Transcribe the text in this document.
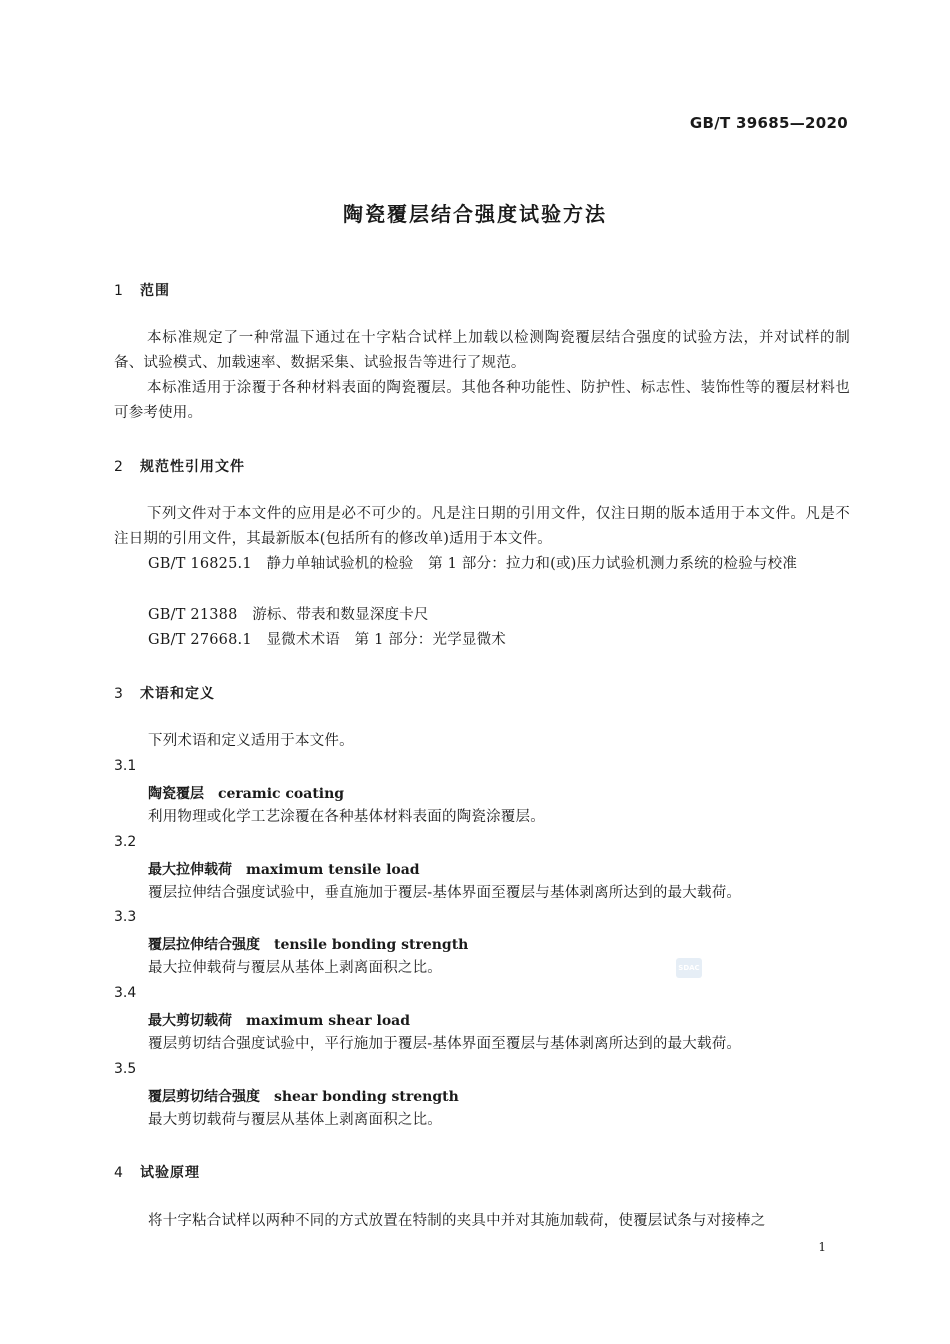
GB/T 39685—2020
陶瓷覆层结合强度试验方法
1 范围
本标准规定了一种常温下通过在十字粘合试样上加载以检测陶瓷覆层结合强度的试验方法，并对试样的制备、试验模式、加载速率、数据采集、试验报告等进行了规范。
本标准适用于涂覆于各种材料表面的陶瓷覆层。其他各种功能性、防护性、标志性、装饰性等的覆层材料也可参考使用。
2 规范性引用文件
下列文件对于本文件的应用是必不可少的。凡是注日期的引用文件，仅注日期的版本适用于本文件。凡是不注日期的引用文件，其最新版本(包括所有的修改单)适用于本文件。
GB/T 16825.1　静力单轴试验机的检验　第 1 部分：拉力和(或)压力试验机测力系统的检验与校准
GB/T 21388　游标、带表和数显深度卡尺
GB/T 27668.1　显微术术语　第 1 部分：光学显微术
3 术语和定义
下列术语和定义适用于本文件。
3.1
陶瓷覆层 ceramic coating
利用物理或化学工艺涂覆在各种基体材料表面的陶瓷涂覆层。
3.2
最大拉伸载荷 maximum tensile load
覆层拉伸结合强度试验中，垂直施加于覆层-基体界面至覆层与基体剥离所达到的最大载荷。
3.3
覆层拉伸结合强度 tensile bonding strength
最大拉伸载荷与覆层从基体上剥离面积之比。
3.4
最大剪切载荷 maximum shear load
覆层剪切结合强度试验中，平行施加于覆层-基体界面至覆层与基体剥离所达到的最大载荷。
3.5
覆层剪切结合强度 shear bonding strength
最大剪切载荷与覆层从基体上剥离面积之比。
4 试验原理
将十字粘合试样以两种不同的方式放置在特制的夹具中并对其施加载荷，使覆层试条与对接棒之
SDAC
1
